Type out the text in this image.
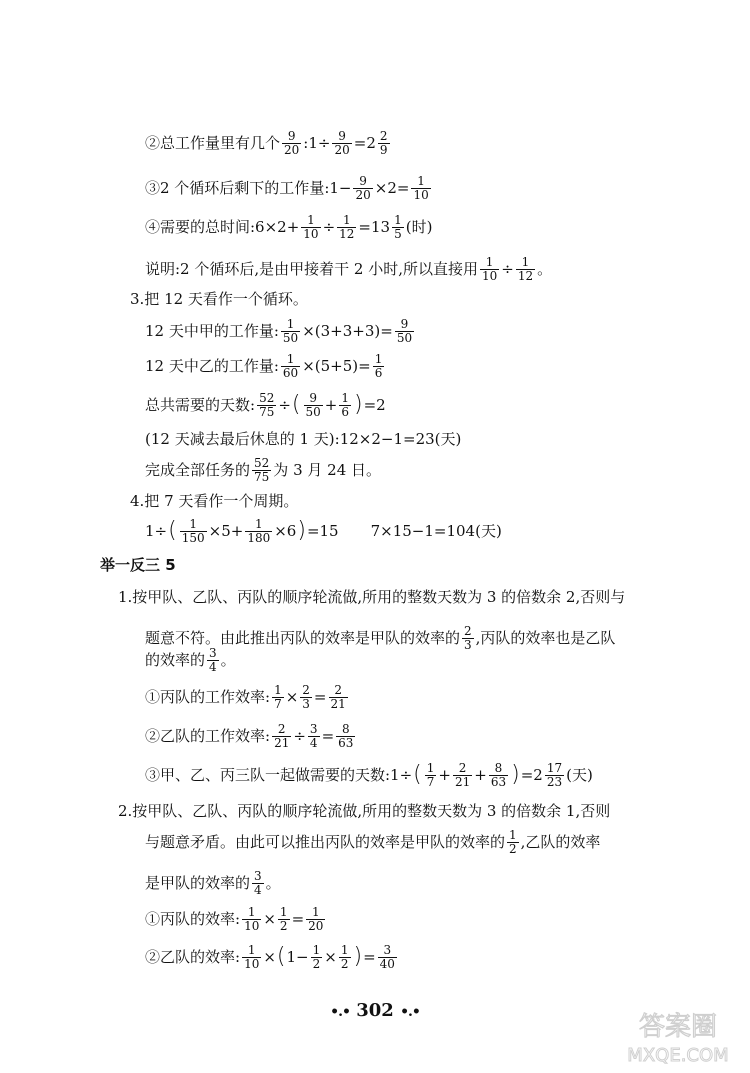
②总工作量里有几个 $\frac{9}{20}$ :1÷ $\frac{9}{20} =2 \frac{2}{9}$
③2 个循环后剩下的工作量:1− $\frac{9}{20} \times 2= \frac{1}{10}$
④需要的总时间:6×2+ $\frac{1}{10} \div \frac{1}{12} =13 \frac{1}{5}$ (时)
说明:2 个循环后,是由甲接着干 2 小时,所以直接用 $\frac{1}{10} \div \frac{1}{12}$ 。
3.把 12 天看作一个循环。
12 天中甲的工作量: $\frac{1}{50} \times(3+3+3)= \frac{9}{50}$
12 天中乙的工作量: $\frac{1}{60} \times(5+5)= \frac{1}{6}$
总共需要的天数: $\frac{52}{75}$ ÷ ( $\frac{9}{50} + \frac{1}{6}$ ) =2
(12 天减去最后休息的 1 天):12×2−1=23(天)
完成全部任务的 $\frac{52}{75}$ 为 3 月 24 日。
4.把 7 天看作一个周期。
1÷ ( $\frac{1}{150} \times 5+ \frac{1}{180} \times 6$ ) =15 7×15−1=104(天)
举一反三 5
1.按甲队、乙队、丙队的顺序轮流做,所用的整数天数为 3 的倍数余 2,否则与
题意不符。由此推出丙队的效率是甲队的效率的 $\frac{2}{3}$ ,丙队的效率也是乙队
的效率的 $\frac{3}{4}$ 。
①丙队的工作效率: $\frac{1}{7} \times \frac{2}{3} = \frac{2}{21}$
②乙队的工作效率: $\frac{2}{21} \div \frac{3}{4} = \frac{8}{63}$
③甲、乙、丙三队一起做需要的天数:1÷ ( $\frac{1}{7} + \frac{2}{21} + \frac{8}{63}$ ) $=2 \frac{17}{23}$ (天)
2.按甲队、乙队、丙队的顺序轮流做,所用的整数天数为 3 的倍数余 1,否则
与题意矛盾。由此可以推出丙队的效率是甲队的效率的 $\frac{1}{2}$ ,乙队的效率
是甲队的效率的 $\frac{3}{4}$ 。
①丙队的效率: $\frac{1}{10} \times \frac{1}{2} = \frac{1}{20}$
②乙队的效率: $\frac{1}{10}$ × ( $1- \frac{1}{2} \times \frac{1}{2}$ ) = $\frac{3}{40}$
•.• 302 •.•	答案圈
MXQE.COM
